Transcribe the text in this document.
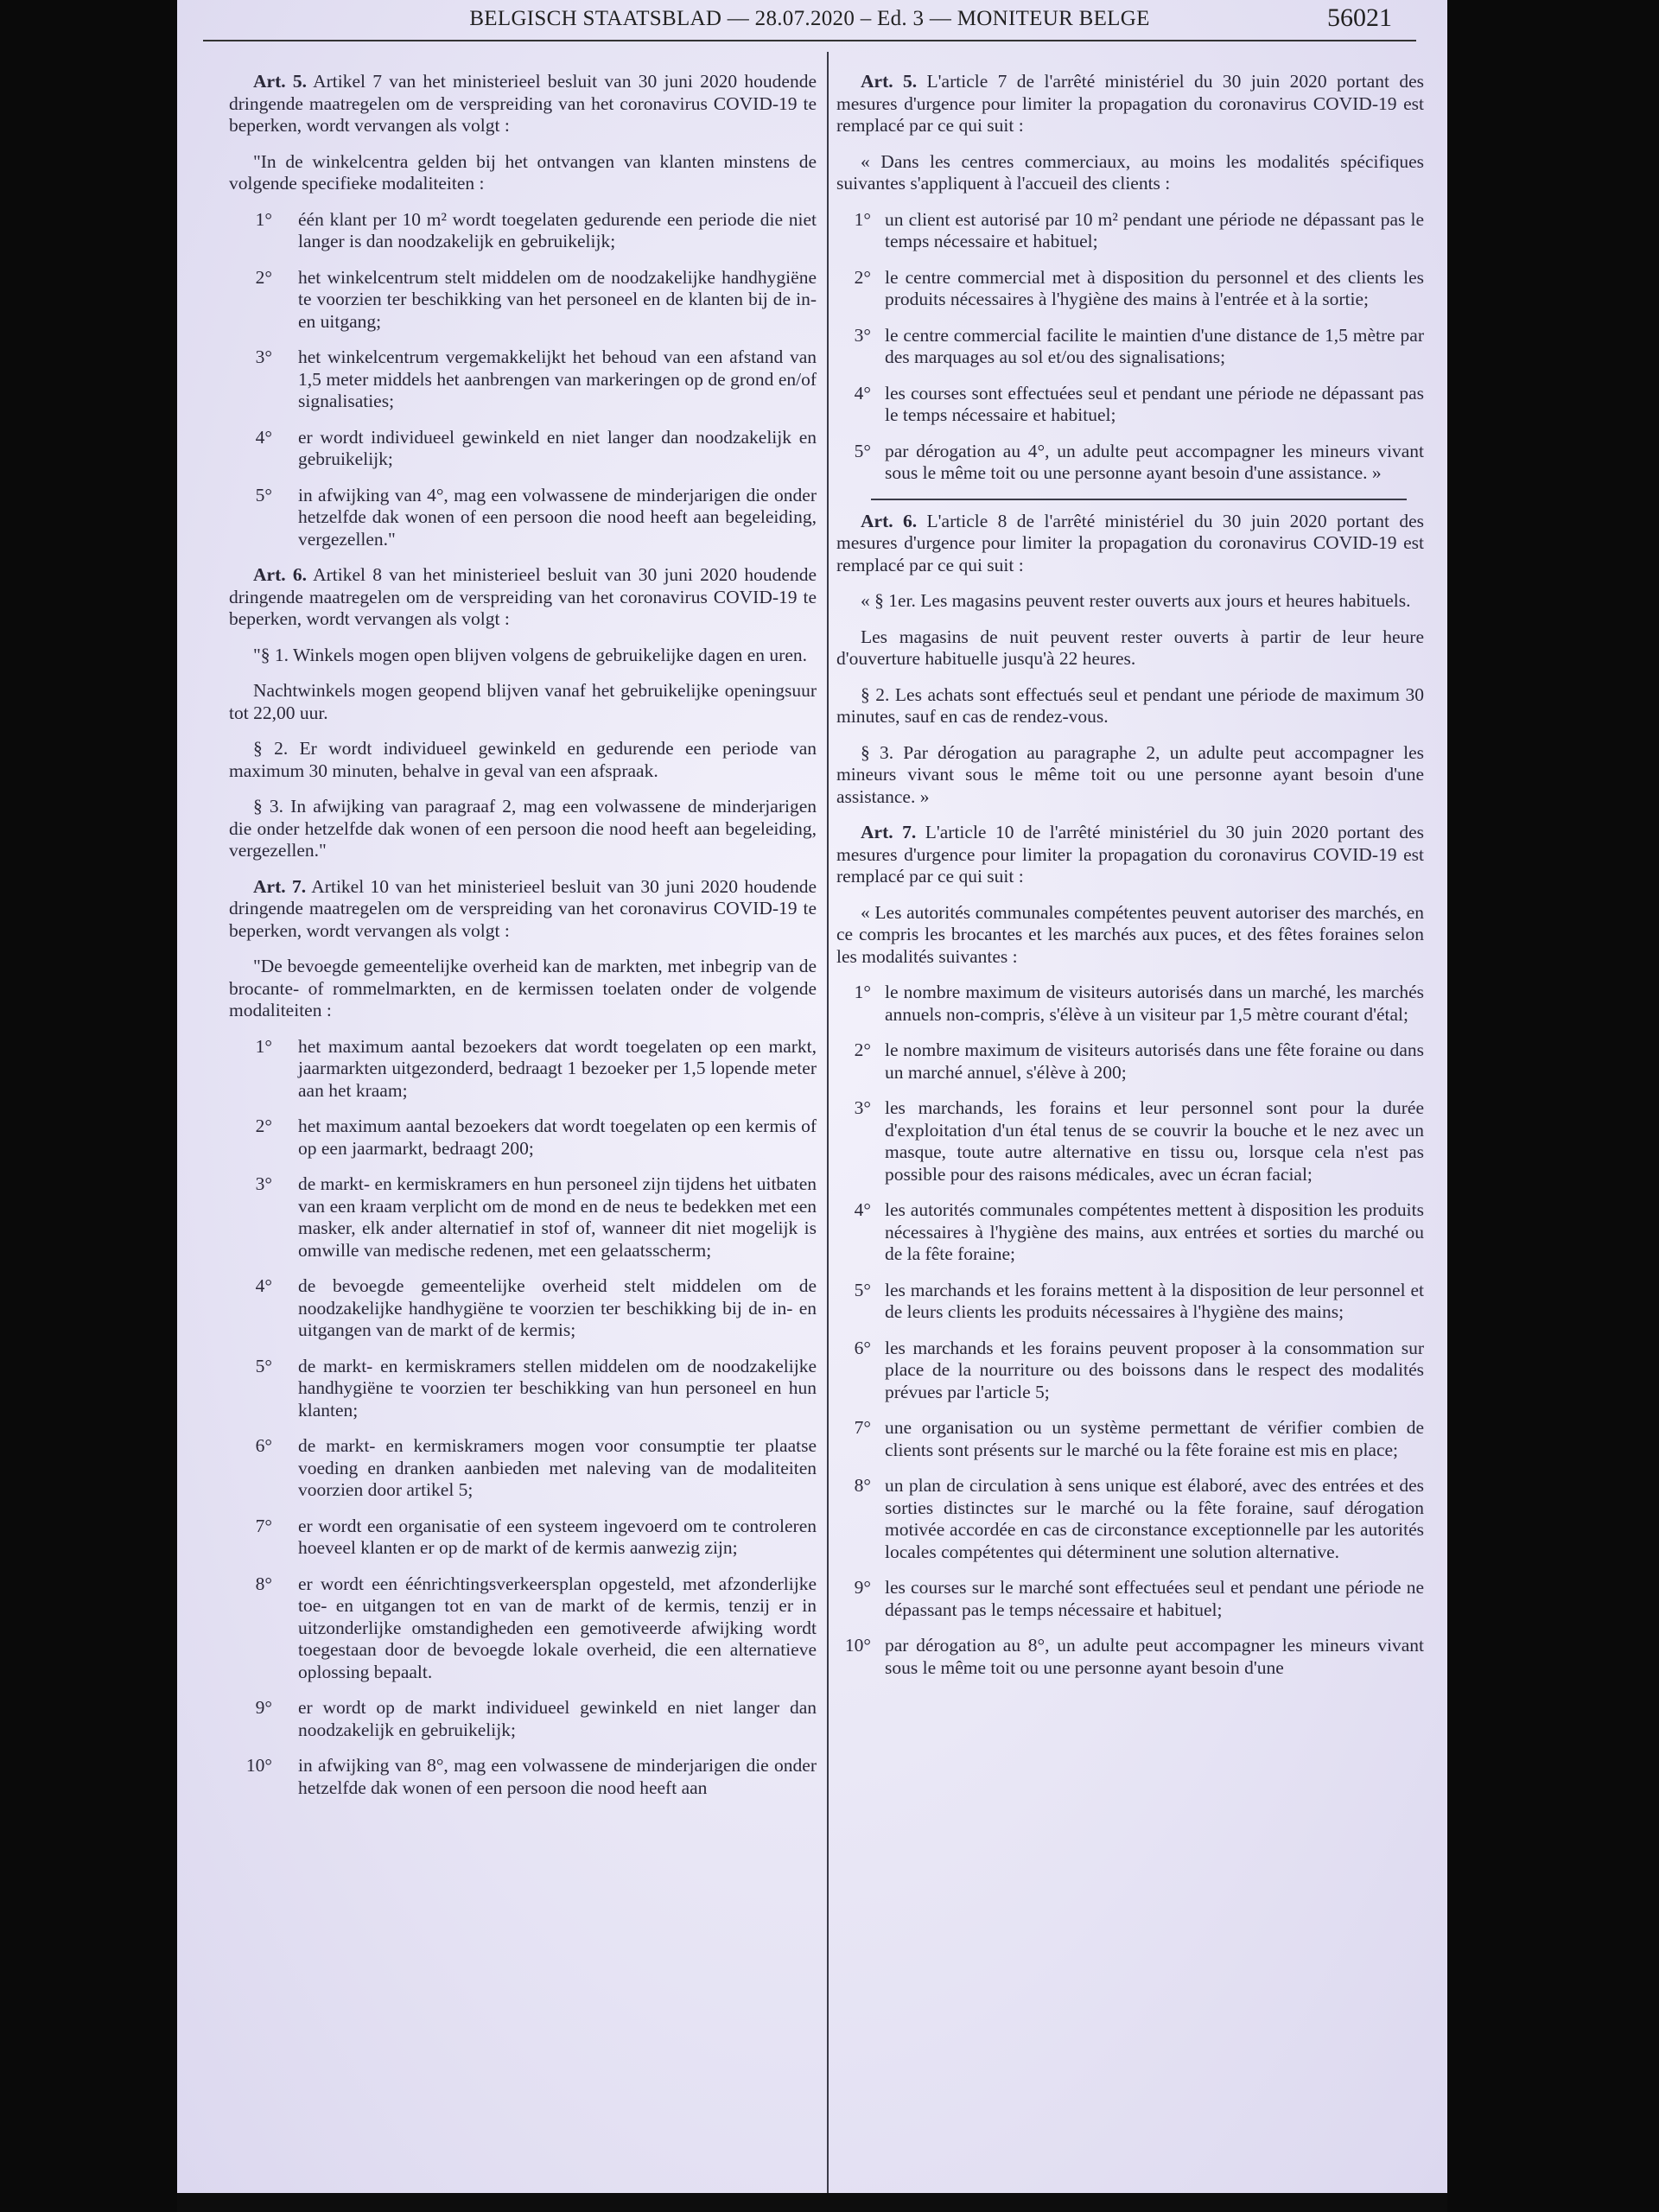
BELGISCH STAATSBLAD — 28.07.2020 – Ed. 3 — MONITEUR BELGE	56021

Art. 5. Artikel 7 van het ministerieel besluit van 30 juni 2020 houdende dringende maatregelen om de verspreiding van het coronavirus COVID-19 te beperken, wordt vervangen als volgt :

"In de winkelcentra gelden bij het ontvangen van klanten minstens de volgende specifieke modaliteiten :

1°	één klant per 10 m² wordt toegelaten gedurende een periode die niet langer is dan noodzakelijk en gebruikelijk;
2°	het winkelcentrum stelt middelen om de noodzakelijke handhygiëne te voorzien ter beschikking van het personeel en de klanten bij de in- en uitgang;
3°	het winkelcentrum vergemakkelijkt het behoud van een afstand van 1,5 meter middels het aanbrengen van markeringen op de grond en/of signalisaties;
4°	er wordt individueel gewinkeld en niet langer dan noodzakelijk en gebruikelijk;
5°	in afwijking van 4°, mag een volwassene de minderjarigen die onder hetzelfde dak wonen of een persoon die nood heeft aan begeleiding, vergezellen."

Art. 6. Artikel 8 van het ministerieel besluit van 30 juni 2020 houdende dringende maatregelen om de verspreiding van het coronavirus COVID-19 te beperken, wordt vervangen als volgt :

"§ 1. Winkels mogen open blijven volgens de gebruikelijke dagen en uren.

Nachtwinkels mogen geopend blijven vanaf het gebruikelijke openingsuur tot 22,00 uur.

§ 2. Er wordt individueel gewinkeld en gedurende een periode van maximum 30 minuten, behalve in geval van een afspraak.

§ 3. In afwijking van paragraaf 2, mag een volwassene de minderjarigen die onder hetzelfde dak wonen of een persoon die nood heeft aan begeleiding, vergezellen."

Art. 7. Artikel 10 van het ministerieel besluit van 30 juni 2020 houdende dringende maatregelen om de verspreiding van het coronavirus COVID-19 te beperken, wordt vervangen als volgt :

"De bevoegde gemeentelijke overheid kan de markten, met inbegrip van de brocante- of rommelmarkten, en de kermissen toelaten onder de volgende modaliteiten :

1°	het maximum aantal bezoekers dat wordt toegelaten op een markt, jaarmarkten uitgezonderd, bedraagt 1 bezoeker per 1,5 lopende meter aan het kraam;
2°	het maximum aantal bezoekers dat wordt toegelaten op een kermis of op een jaarmarkt, bedraagt 200;
3°	de markt- en kermiskramers en hun personeel zijn tijdens het uitbaten van een kraam verplicht om de mond en de neus te bedekken met een masker, elk ander alternatief in stof of, wanneer dit niet mogelijk is omwille van medische redenen, met een gelaatsscherm;
4°	de bevoegde gemeentelijke overheid stelt middelen om de noodzakelijke handhygiëne te voorzien ter beschikking bij de in- en uitgangen van de markt of de kermis;
5°	de markt- en kermiskramers stellen middelen om de noodzakelijke handhygiëne te voorzien ter beschikking van hun personeel en hun klanten;
6°	de markt- en kermiskramers mogen voor consumptie ter plaatse voeding en dranken aanbieden met naleving van de modaliteiten voorzien door artikel 5;
7°	er wordt een organisatie of een systeem ingevoerd om te controleren hoeveel klanten er op de markt of de kermis aanwezig zijn;
8°	er wordt een éénrichtingsverkeersplan opgesteld, met afzonderlijke toe- en uitgangen tot en van de markt of de kermis, tenzij er in uitzonderlijke omstandigheden een gemotiveerde afwijking wordt toegestaan door de bevoegde lokale overheid, die een alternatieve oplossing bepaalt.
9°	er wordt op de markt individueel gewinkeld en niet langer dan noodzakelijk en gebruikelijk;
10°	in afwijking van 8°, mag een volwassene de minderjarigen die onder hetzelfde dak wonen of een persoon die nood heeft aan

Art. 5. L'article 7 de l'arrêté ministériel du 30 juin 2020 portant des mesures d'urgence pour limiter la propagation du coronavirus COVID-19 est remplacé par ce qui suit :

« Dans les centres commerciaux, au moins les modalités spécifiques suivantes s'appliquent à l'accueil des clients :

1° un client est autorisé par 10 m² pendant une période ne dépassant pas le temps nécessaire et habituel;
2° le centre commercial met à disposition du personnel et des clients les produits nécessaires à l'hygiène des mains à l'entrée et à la sortie;
3° le centre commercial facilite le maintien d'une distance de 1,5 mètre par des marquages au sol et/ou des signalisations;
4° les courses sont effectuées seul et pendant une période ne dépassant pas le temps nécessaire et habituel;
5° par dérogation au 4°, un adulte peut accompagner les mineurs vivant sous le même toit ou une personne ayant besoin d'une assistance. »

Art. 6. L'article 8 de l'arrêté ministériel du 30 juin 2020 portant des mesures d'urgence pour limiter la propagation du coronavirus COVID-19 est remplacé par ce qui suit :

« § 1er. Les magasins peuvent rester ouverts aux jours et heures habituels.

Les magasins de nuit peuvent rester ouverts à partir de leur heure d'ouverture habituelle jusqu'à 22 heures.

§ 2. Les achats sont effectués seul et pendant une période de maximum 30 minutes, sauf en cas de rendez-vous.

§ 3. Par dérogation au paragraphe 2, un adulte peut accompagner les mineurs vivant sous le même toit ou une personne ayant besoin d'une assistance. »

Art. 7. L'article 10 de l'arrêté ministériel du 30 juin 2020 portant des mesures d'urgence pour limiter la propagation du coronavirus COVID-19 est remplacé par ce qui suit :

« Les autorités communales compétentes peuvent autoriser des marchés, en ce compris les brocantes et les marchés aux puces, et des fêtes foraines selon les modalités suivantes :

1° le nombre maximum de visiteurs autorisés dans un marché, les marchés annuels non-compris, s'élève à un visiteur par 1,5 mètre courant d'étal;
2° le nombre maximum de visiteurs autorisés dans une fête foraine ou dans un marché annuel, s'élève à 200;
3° les marchands, les forains et leur personnel sont pour la durée d'exploitation d'un étal tenus de se couvrir la bouche et le nez avec un masque, toute autre alternative en tissu ou, lorsque cela n'est pas possible pour des raisons médicales, avec un écran facial;
4° les autorités communales compétentes mettent à disposition les produits nécessaires à l'hygiène des mains, aux entrées et sorties du marché ou de la fête foraine;
5° les marchands et les forains mettent à la disposition de leur personnel et de leurs clients les produits nécessaires à l'hygiène des mains;
6° les marchands et les forains peuvent proposer à la consommation sur place de la nourriture ou des boissons dans le respect des modalités prévues par l'article 5;
7° une organisation ou un système permettant de vérifier combien de clients sont présents sur le marché ou la fête foraine est mis en place;
8° un plan de circulation à sens unique est élaboré, avec des entrées et des sorties distinctes sur le marché ou la fête foraine, sauf dérogation motivée accordée en cas de circonstance exceptionnelle par les autorités locales compétentes qui déterminent une solution alternative.
9° les courses sur le marché sont effectuées seul et pendant une période ne dépassant pas le temps nécessaire et habituel;
10° par dérogation au 8°, un adulte peut accompagner les mineurs vivant sous le même toit ou une personne ayant besoin d'une
